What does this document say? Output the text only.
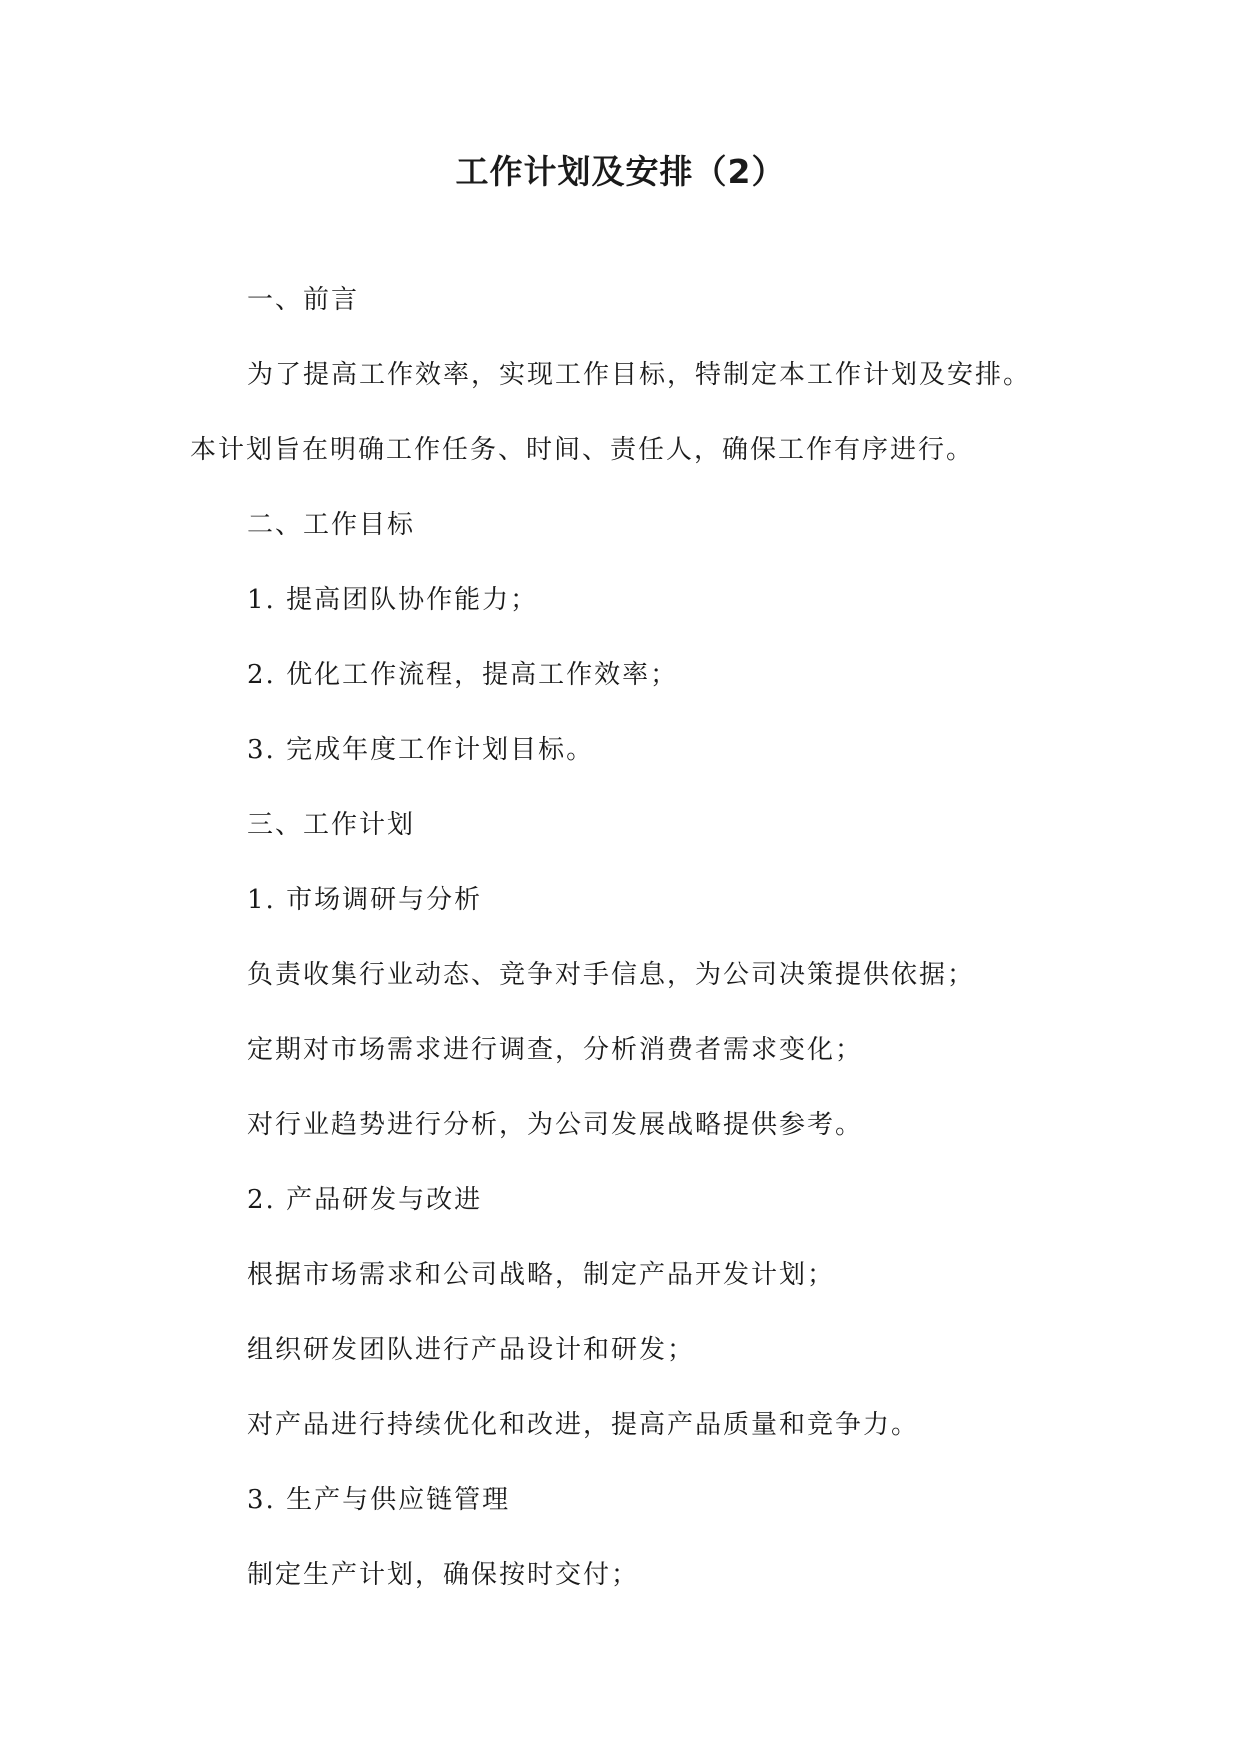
工作计划及安排（2）

一、前言

为了提高工作效率，实现工作目标，特制定本工作计划及安排。

本计划旨在明确工作任务、时间、责任人，确保工作有序进行。

二、工作目标

1. 提高团队协作能力；

2. 优化工作流程，提高工作效率；

3. 完成年度工作计划目标。

三、工作计划

1. 市场调研与分析

负责收集行业动态、竞争对手信息，为公司决策提供依据；

定期对市场需求进行调查，分析消费者需求变化；

对行业趋势进行分析，为公司发展战略提供参考。

2. 产品研发与改进

根据市场需求和公司战略，制定产品开发计划；

组织研发团队进行产品设计和研发；

对产品进行持续优化和改进，提高产品质量和竞争力。

3. 生产与供应链管理

制定生产计划，确保按时交付；
